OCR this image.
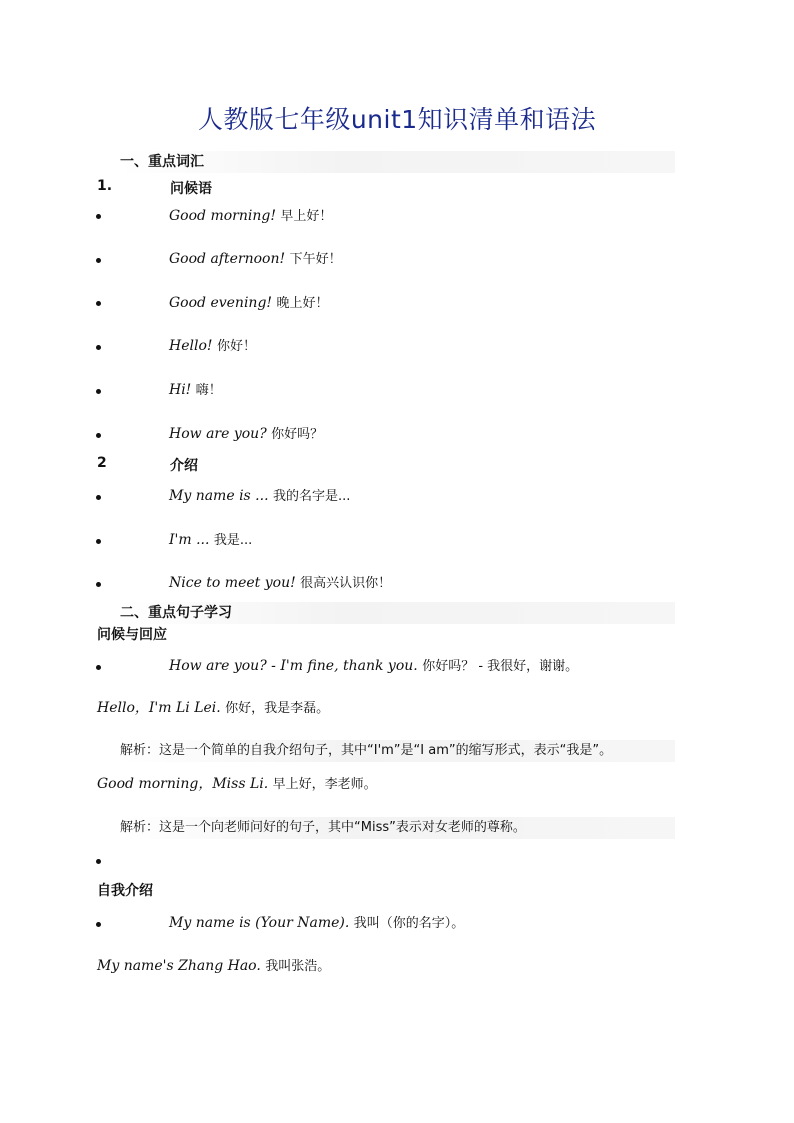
人教版七年级unit1知识清单和语法
一、重点词汇
1.	问候语
Good morning! 早上好！
Good afternoon! 下午好！
Good evening! 晚上好！
Hello! 你好！
Hi! 嗨！
How are you? 你好吗？
2	介绍
My name is ... 我的名字是...
I'm ... 我是...
Nice to meet you! 很高兴认识你！
二、重点句子学习
问候与回应
How are you? - I'm fine, thank you. 你好吗？ - 我很好，谢谢。
Hello，I'm Li Lei. 你好，我是李磊。
解析：这是一个简单的自我介绍句子，其中“I'm”是“I am”的缩写形式，表示“我是”。
Good morning，Miss Li. 早上好，李老师。
解析：这是一个向老师问好的句子，其中“Miss”表示对女老师的尊称。
自我介绍
My name is (Your Name). 我叫（你的名字）。
My name's Zhang Hao. 我叫张浩。
